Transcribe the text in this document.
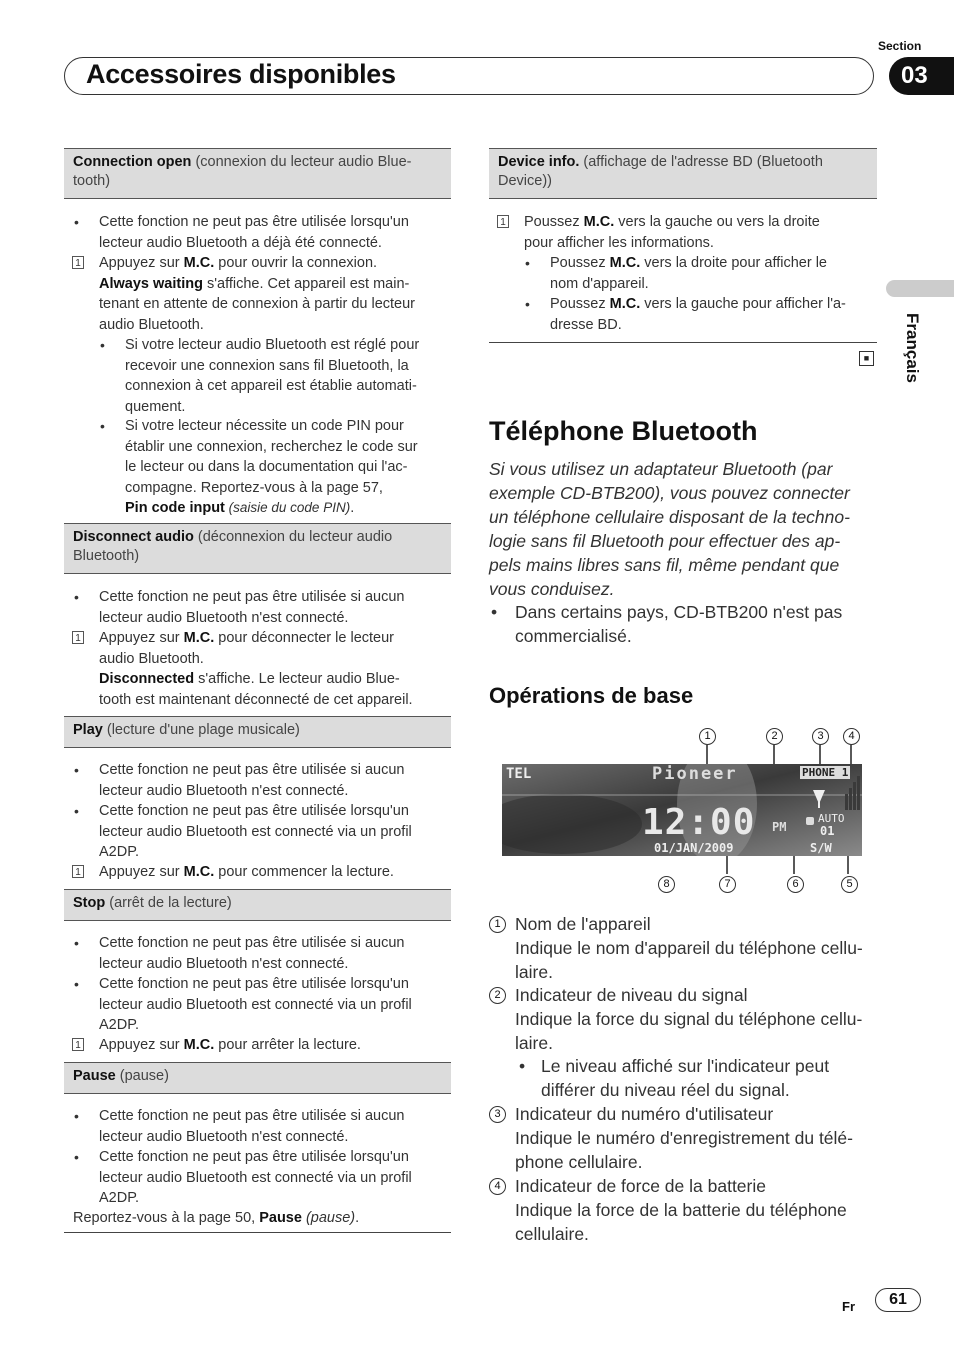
Accessoires disponibles
Section
03
Français
Connection open (connexion du lecteur audio Blue-
tooth)
• Cette fonction ne peut pas être utilisée lorsqu'un
lecteur audio Bluetooth a déjà été connecté.
1 Appuyez sur M.C. pour ouvrir la connexion.
Always waiting s'affiche. Cet appareil est main-
tenant en attente de connexion à partir du lecteur
audio Bluetooth.
• Si votre lecteur audio Bluetooth est réglé pour
recevoir une connexion sans fil Bluetooth, la
connexion à cet appareil est établie automati-
quement.
• Si votre lecteur nécessite un code PIN pour
établir une connexion, recherchez le code sur
le lecteur ou dans la documentation qui l'ac-
compagne. Reportez-vous à la page 57,
Pin code input (saisie du code PIN).
Disconnect audio (déconnexion du lecteur audio
Bluetooth)
• Cette fonction ne peut pas être utilisée si aucun
lecteur audio Bluetooth n'est connecté.
1 Appuyez sur M.C. pour déconnecter le lecteur
audio Bluetooth.
Disconnected s'affiche. Le lecteur audio Blue-
tooth est maintenant déconnecté de cet appareil.
Play (lecture d'une plage musicale)
• Cette fonction ne peut pas être utilisée si aucun
lecteur audio Bluetooth n'est connecté.
• Cette fonction ne peut pas être utilisée lorsqu'un
lecteur audio Bluetooth est connecté via un profil
A2DP.
1 Appuyez sur M.C. pour commencer la lecture.
Stop (arrêt de la lecture)
• Cette fonction ne peut pas être utilisée si aucun
lecteur audio Bluetooth n'est connecté.
• Cette fonction ne peut pas être utilisée lorsqu'un
lecteur audio Bluetooth est connecté via un profil
A2DP.
1 Appuyez sur M.C. pour arrêter la lecture.
Pause (pause)
• Cette fonction ne peut pas être utilisée si aucun
lecteur audio Bluetooth n'est connecté.
• Cette fonction ne peut pas être utilisée lorsqu'un
lecteur audio Bluetooth est connecté via un profil
A2DP.
Reportez-vous à la page 50, Pause (pause).
Device info. (affichage de l'adresse BD (Bluetooth
Device))
1 Poussez M.C. vers la gauche ou vers la droite
pour afficher les informations.
• Poussez M.C. vers la droite pour afficher le
nom d'appareil.
• Poussez M.C. vers la gauche pour afficher l'a-
dresse BD.
■
Téléphone Bluetooth
Si vous utilisez un adaptateur Bluetooth (par
exemple CD-BTB200), vous pouvez connecter
un téléphone cellulaire disposant de la techno-
logie sans fil Bluetooth pour effectuer des ap-
pels mains libres sans fil, même pendant que
vous conduisez.
• Dans certains pays, CD-BTB200 n'est pas
commercialisé.
Opérations de base
1	2	3	4
TEL	Pioneer	PHONE 1
12:00 PM
AUTO
01
01/JAN/2009	S/W
8	7	6	5
1 Nom de l'appareil
Indique le nom d'appareil du téléphone cellu-
laire.
2 Indicateur de niveau du signal
Indique la force du signal du téléphone cellu-
laire.
• Le niveau affiché sur l'indicateur peut
différer du niveau réel du signal.
3 Indicateur du numéro d'utilisateur
Indique le numéro d'enregistrement du télé-
phone cellulaire.
4 Indicateur de force de la batterie
Indique la force de la batterie du téléphone
cellulaire.
Fr	61
